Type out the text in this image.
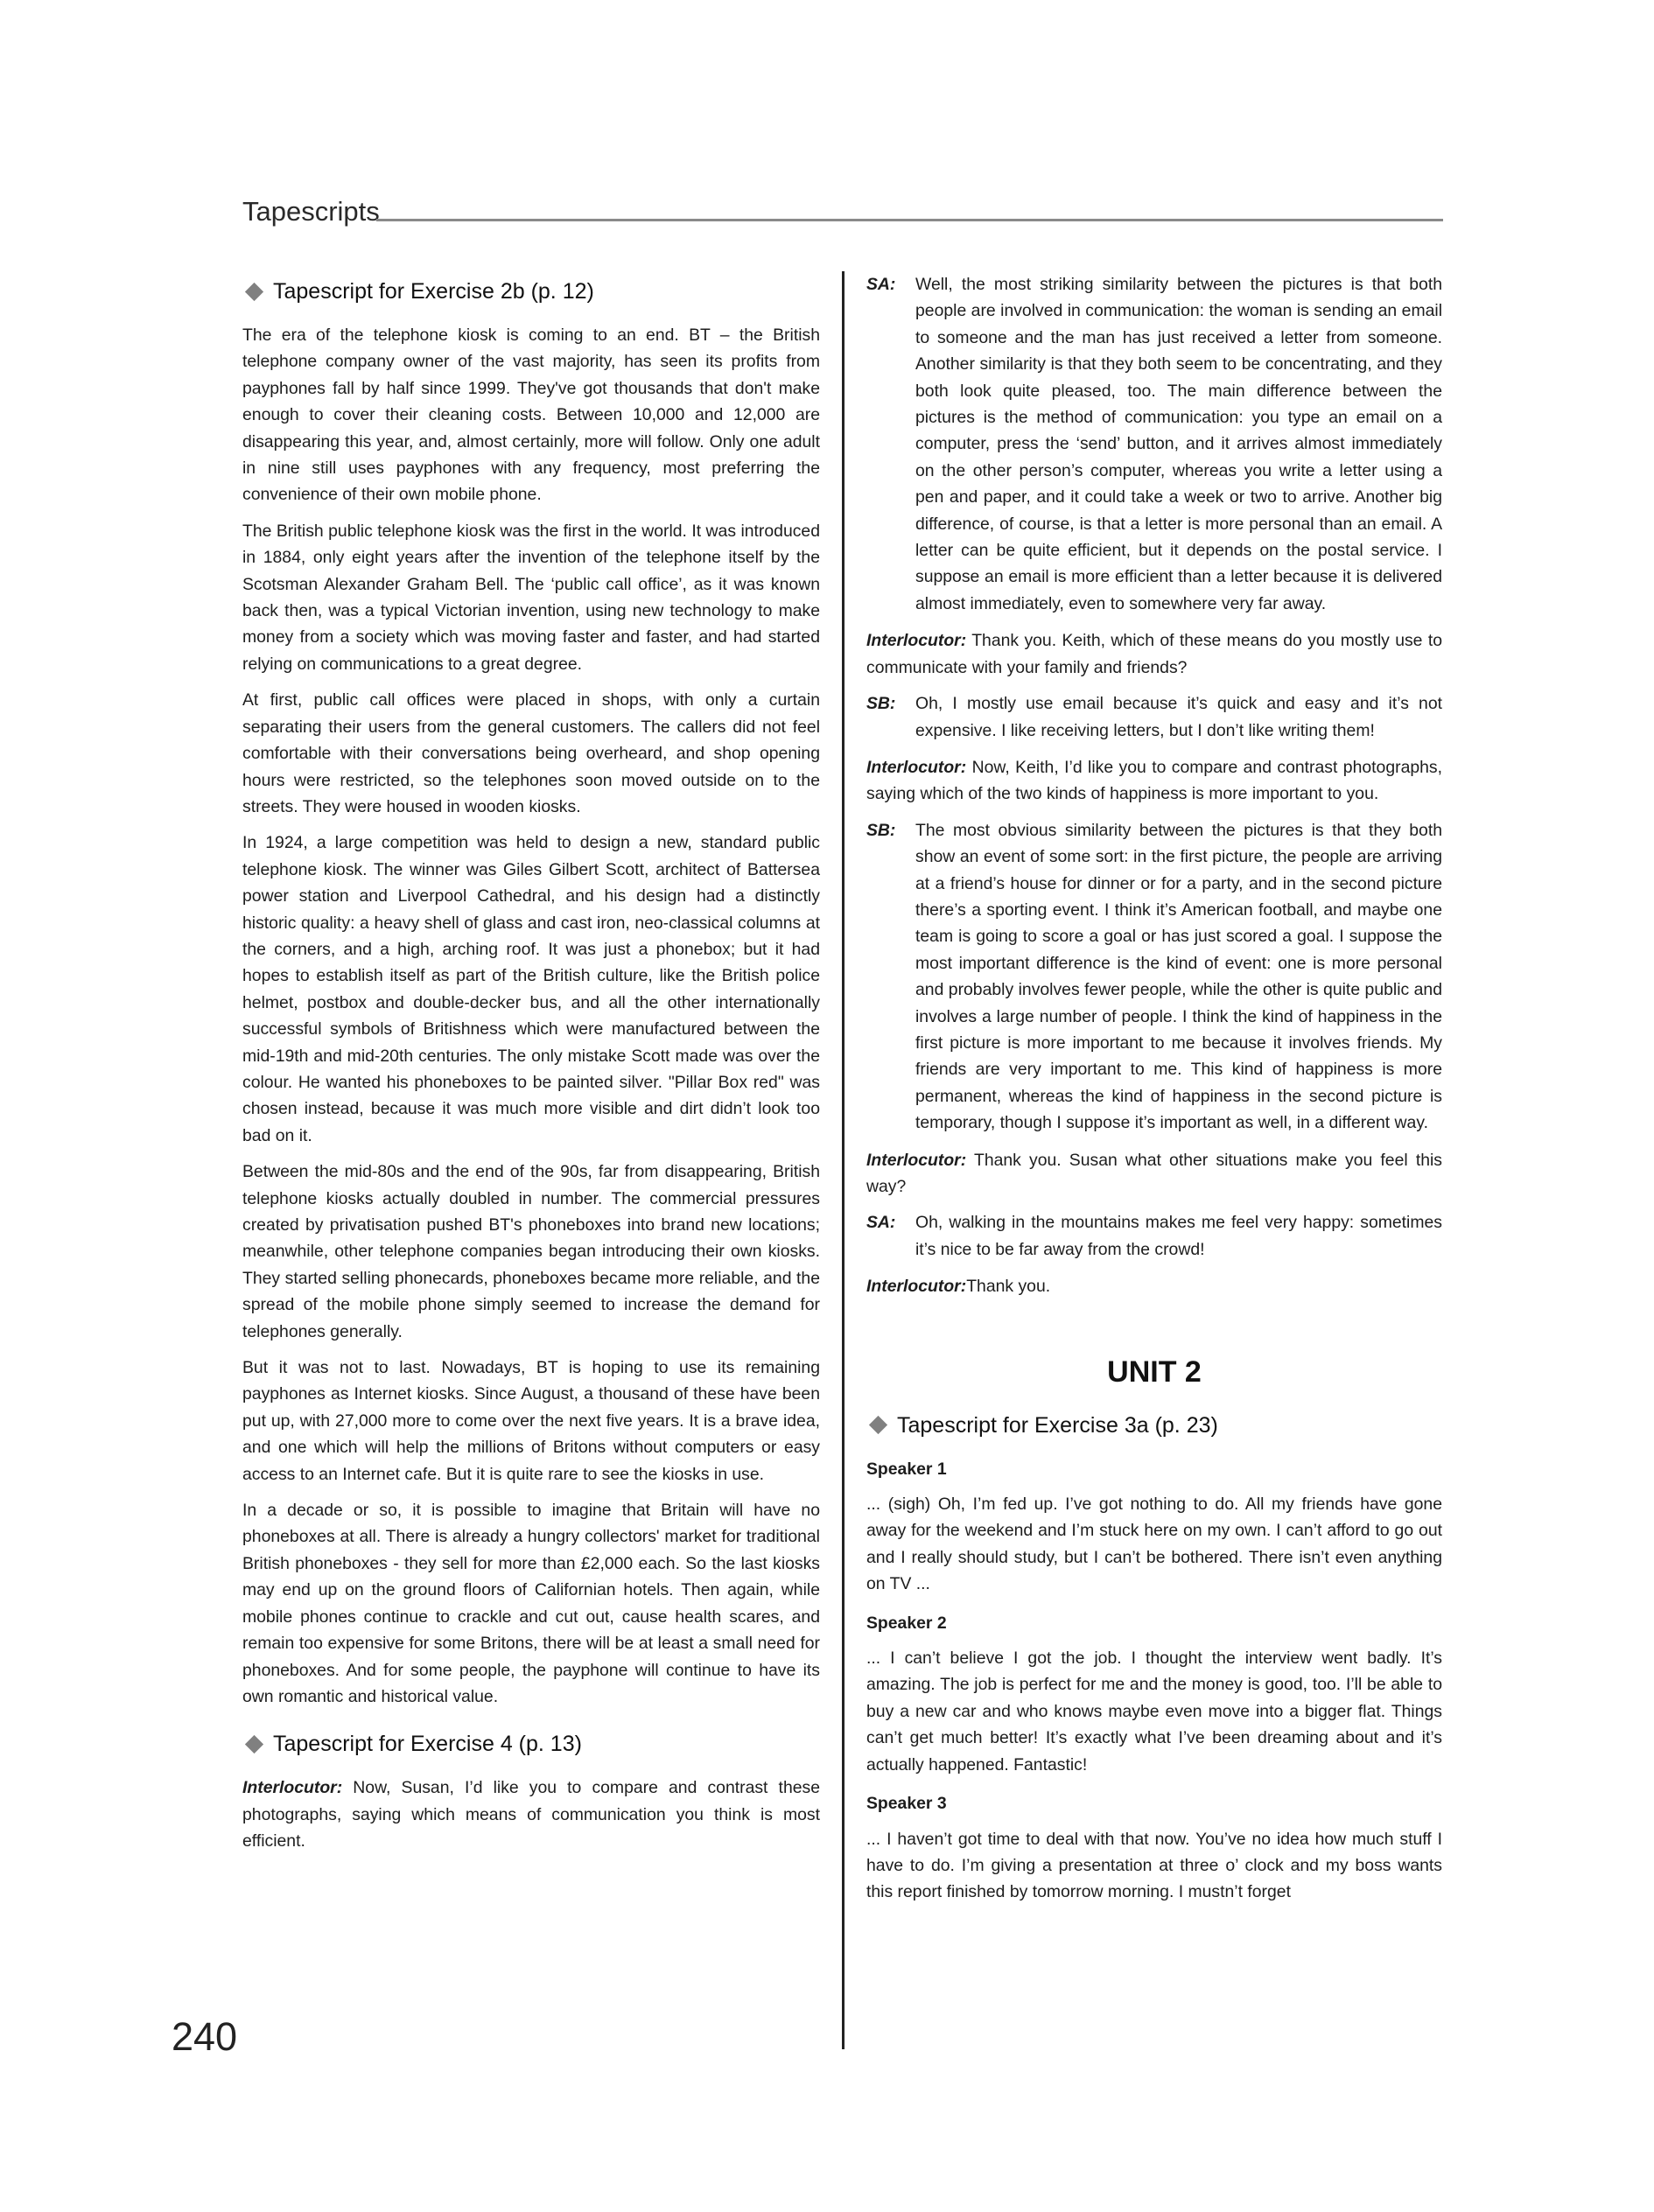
Tapescripts
Tapescript for Exercise 2b (p. 12)

The era of the telephone kiosk is coming to an end. BT – the British telephone company owner of the vast majority, has seen its profits from payphones fall by half since 1999. They've got thousands that don't make enough to cover their cleaning costs. Between 10,000 and 12,000 are disappearing this year, and, almost certainly, more will follow. Only one adult in nine still uses payphones with any frequency, most preferring the convenience of their own mobile phone.

The British public telephone kiosk was the first in the world. It was introduced in 1884, only eight years after the invention of the telephone itself by the Scotsman Alexander Graham Bell. The ‘public call office’, as it was known back then, was a typical Victorian invention, using new technology to make money from a society which was moving faster and faster, and had started relying on communications to a great degree.

At first, public call offices were placed in shops, with only a curtain separating their users from the general customers. The callers did not feel comfortable with their conversations being overheard, and shop opening hours were restricted, so the telephones soon moved outside on to the streets. They were housed in wooden kiosks.

In 1924, a large competition was held to design a new, standard public telephone kiosk. The winner was Giles Gilbert Scott, architect of Battersea power station and Liverpool Cathedral, and his design had a distinctly historic quality: a heavy shell of glass and cast iron, neo-classical columns at the corners, and a high, arching roof. It was just a phonebox; but it had hopes to establish itself as part of the British culture, like the British police helmet, postbox and double-decker bus, and all the other internationally successful symbols of Britishness which were manufactured between the mid-19th and mid-20th centuries. The only mistake Scott made was over the colour. He wanted his phoneboxes to be painted silver. "Pillar Box red" was chosen instead, because it was much more visible and dirt didn’t look too bad on it.

Between the mid-80s and the end of the 90s, far from disappearing, British telephone kiosks actually doubled in number. The commercial pressures created by privatisation pushed BT's phoneboxes into brand new locations; meanwhile, other telephone companies began introducing their own kiosks. They started selling phonecards, phoneboxes became more reliable, and the spread of the mobile phone simply seemed to increase the demand for telephones generally.

But it was not to last. Nowadays, BT is hoping to use its remaining payphones as Internet kiosks. Since August, a thousand of these have been put up, with 27,000 more to come over the next five years. It is a brave idea, and one which will help the millions of Britons without computers or easy access to an Internet cafe. But it is quite rare to see the kiosks in use.

In a decade or so, it is possible to imagine that Britain will have no phoneboxes at all. There is already a hungry collectors' market for traditional British phoneboxes - they sell for more than £2,000 each. So the last kiosks may end up on the ground floors of Californian hotels. Then again, while mobile phones continue to crackle and cut out, cause health scares, and remain too expensive for some Britons, there will be at least a small need for phoneboxes. And for some people, the payphone will continue to have its own romantic and historical value.

Tapescript for Exercise 4 (p. 13)

Interlocutor: Now, Susan, I’d like you to compare and contrast these photographs, saying which means of communication you think is most efficient.

SA:	Well, the most striking similarity between the pictures is that both people are involved in communication: the woman is sending an email to someone and the man has just received a letter from someone. Another similarity is that they both seem to be concentrating, and they both look quite pleased, too. The main difference between the pictures is the method of communication: you type an email on a computer, press the ‘send’ button, and it arrives almost immediately on the other person’s computer, whereas you write a letter using a pen and paper, and it could take a week or two to arrive. Another big difference, of course, is that a letter is more personal than an email. A letter can be quite efficient, but it depends on the postal service. I suppose an email is more efficient than a letter because it is delivered almost immediately, even to somewhere very far away.

Interlocutor: Thank you. Keith, which of these means do you mostly use to communicate with your family and friends?

SB:	Oh, I mostly use email because it’s quick and easy and it’s not expensive. I like receiving letters, but I don’t like writing them!

Interlocutor: Now, Keith, I’d like you to compare and contrast photographs, saying which of the two kinds of happiness is more important to you.

SB:	The most obvious similarity between the pictures is that they both show an event of some sort: in the first picture, the people are arriving at a friend’s house for dinner or for a party, and in the second picture there’s a sporting event. I think it’s American football, and maybe one team is going to score a goal or has just scored a goal. I suppose the most important difference is the kind of event: one is more personal and probably involves fewer people, while the other is quite public and involves a large number of people. I think the kind of happiness in the first picture is more important to me because it involves friends. My friends are very important to me. This kind of happiness is more permanent, whereas the kind of happiness in the second picture is temporary, though I suppose it’s important as well, in a different way.

Interlocutor: Thank you. Susan what other situations make you feel this way?

SA:	Oh, walking in the mountains makes me feel very happy: sometimes it’s nice to be far away from the crowd!

Interlocutor:Thank you.

UNIT 2
Tapescript for Exercise 3a (p. 23)
Speaker 1

... (sigh) Oh, I’m fed up. I’ve got nothing to do. All my friends have gone away for the weekend and I’m stuck here on my own. I can’t afford to go out and I really should study, but I can’t be bothered. There isn’t even anything on TV ...

Speaker 2

... I can’t believe I got the job. I thought the interview went badly. It’s amazing. The job is perfect for me and the money is good, too. I’ll be able to buy a new car and who knows maybe even move into a bigger flat. Things can’t get much better! It’s exactly what I’ve been dreaming about and it’s actually happened. Fantastic!

Speaker 3

... I haven’t got time to deal with that now. You’ve no idea how much stuff I have to do. I’m giving a presentation at three o’ clock and my boss wants this report finished by tomorrow morning. I mustn’t forget

240
